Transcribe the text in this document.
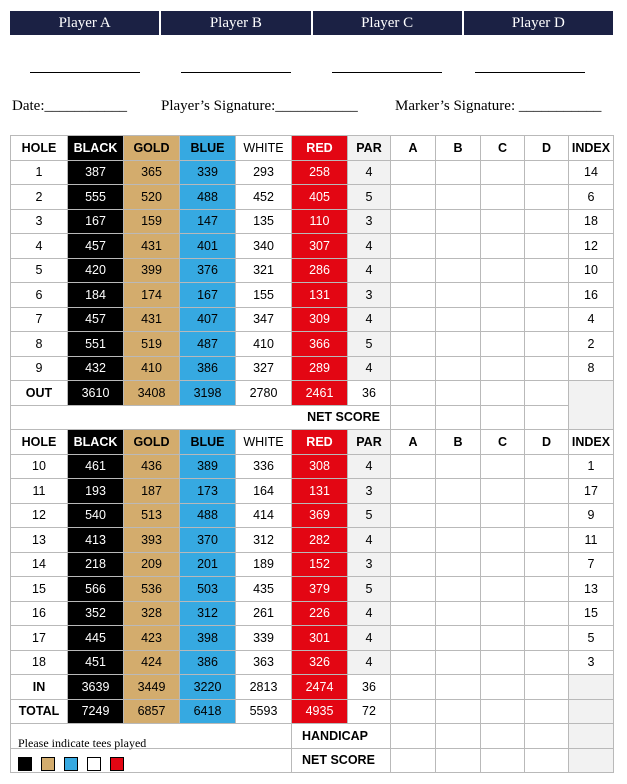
Player A	Player B	Player C	Player D
Date:___________ Player’s Signature:___________ Marker’s Signature: ___________
HOLE	BLACK	GOLD	BLUE	WHITE	RED	PAR	A	B	C	D	INDEX
1	387	365	339	293	258	4					14
2	555	520	488	452	405	5					6
3	167	159	147	135	110	3					18
4	457	431	401	340	307	4					12
5	420	399	376	321	286	4					10
6	184	174	167	155	131	3					16
7	457	431	407	347	309	4					4
8	551	519	487	410	366	5					2
9	432	410	386	327	289	4					8
OUT	3610	3408	3198	2780	2461	36					
NET SCORE											
HOLE	BLACK	GOLD	BLUE	WHITE	RED	PAR	A	B	C	D	INDEX
10	461	436	389	336	308	4					1
11	193	187	173	164	131	3					17
12	540	513	488	414	369	5					9
13	413	393	370	312	282	4					11
14	218	209	201	189	152	3					7
15	566	536	503	435	379	5					13
16	352	328	312	261	226	4					15
17	445	423	398	339	301	4					5
18	451	424	386	363	326	4					3
IN	3639	3449	3220	2813	2474	36					
TOTAL	7249	6857	6418	5593	4935	72					
					HANDICAP						
					NET SCORE						
Please indicate tees played
